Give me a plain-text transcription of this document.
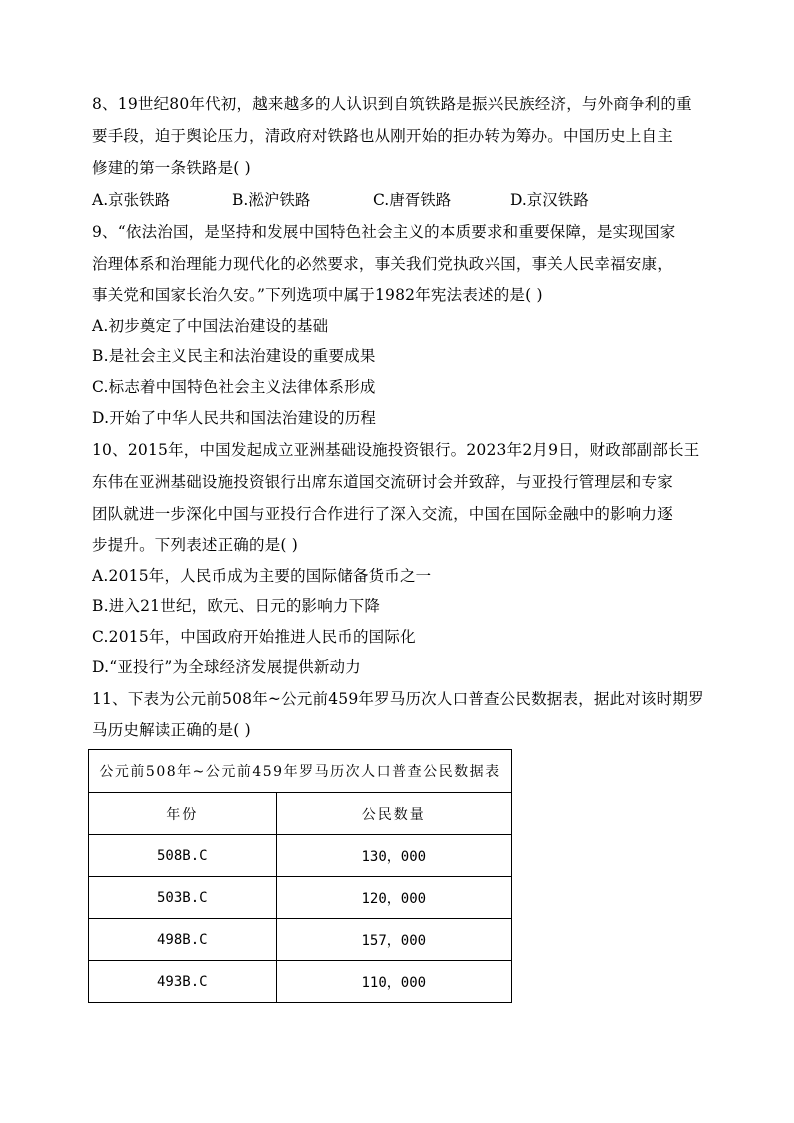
8、19世纪80年代初，越来越多的人认识到自筑铁路是振兴民族经济，与外商争利的重
要手段，迫于舆论压力，清政府对铁路也从刚开始的拒办转为筹办。中国历史上自主
修建的第一条铁路是( )
A.京张铁路	B.淞沪铁路	C.唐胥铁路	D.京汉铁路
9、“依法治国，是坚持和发展中国特色社会主义的本质要求和重要保障，是实现国家
治理体系和治理能力现代化的必然要求，事关我们党执政兴国，事关人民幸福安康，
事关党和国家长治久安。”下列选项中属于1982年宪法表述的是( )
A.初步奠定了中国法治建设的基础
B.是社会主义民主和法治建设的重要成果
C.标志着中国特色社会主义法律体系形成
D.开始了中华人民共和国法治建设的历程
10、2015年，中国发起成立亚洲基础设施投资银行。2023年2月9日，财政部副部长王
东伟在亚洲基础设施投资银行出席东道国交流研讨会并致辞，与亚投行管理层和专家
团队就进一步深化中国与亚投行合作进行了深入交流，中国在国际金融中的影响力逐
步提升。下列表述正确的是( )
A.2015年，人民币成为主要的国际储备货币之一
B.进入21世纪，欧元、日元的影响力下降
C.2015年，中国政府开始推进人民币的国际化
D.“亚投行”为全球经济发展提供新动力
11、下表为公元前508年~公元前459年罗马历次人口普查公民数据表，据此对该时期罗
马历史解读正确的是( )
公元前508年~公元前459年罗马历次人口普查公民数据表	
年份	公民数量
508B.C	130，000
503B.C	120，000
498B.C	157，000
493B.C	110，000
